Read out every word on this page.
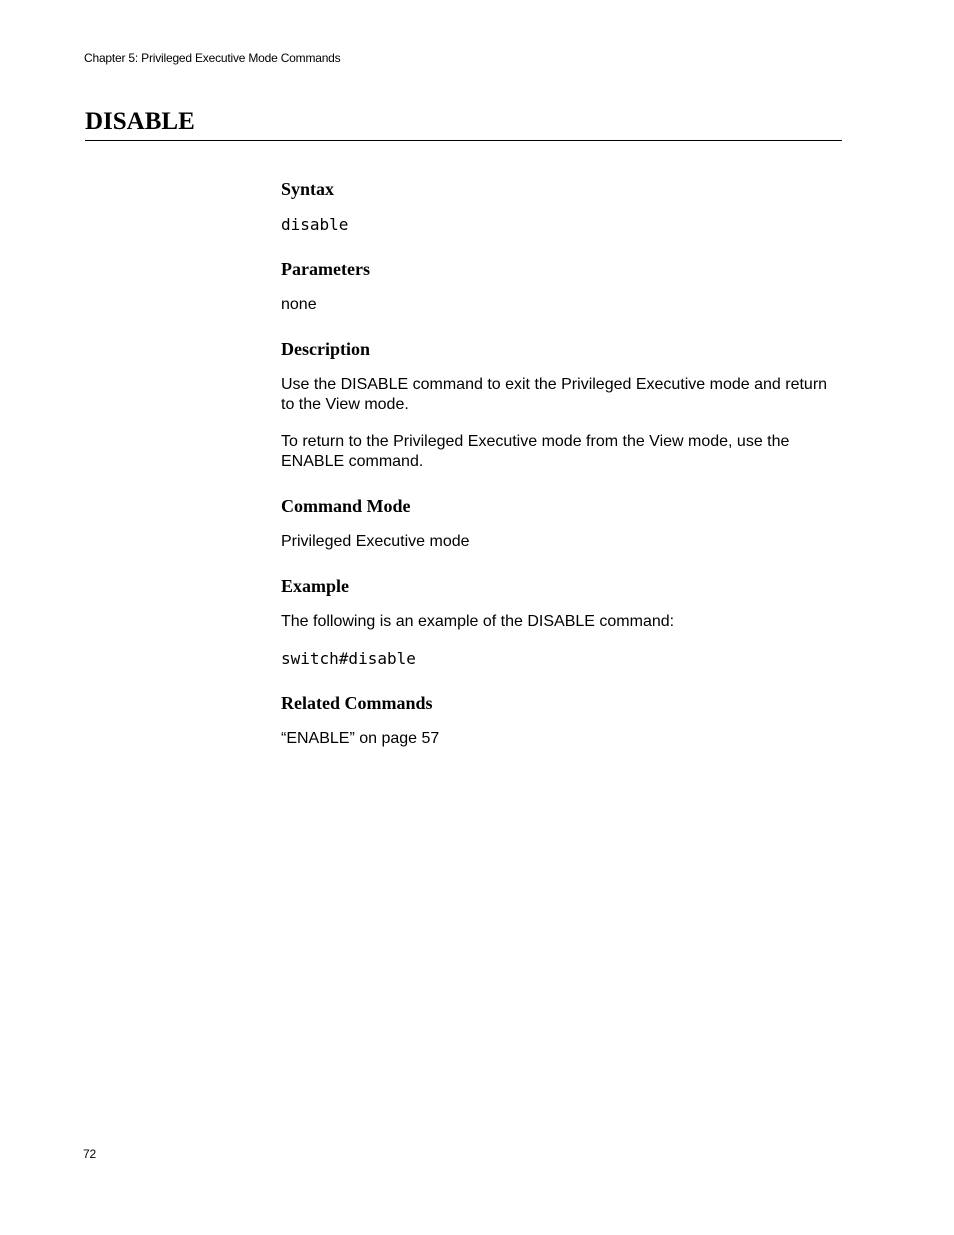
Chapter 5: Privileged Executive Mode Commands
DISABLE
Syntax
disable
Parameters

none

Description

Use the DISABLE command to exit the Privileged Executive mode and return to the View mode.

To return to the Privileged Executive mode from the View mode, use the ENABLE command.

Command Mode

Privileged Executive mode

Example

The following is an example of the DISABLE command:

switch#disable
Related Commands

“ENABLE” on page 57

72
